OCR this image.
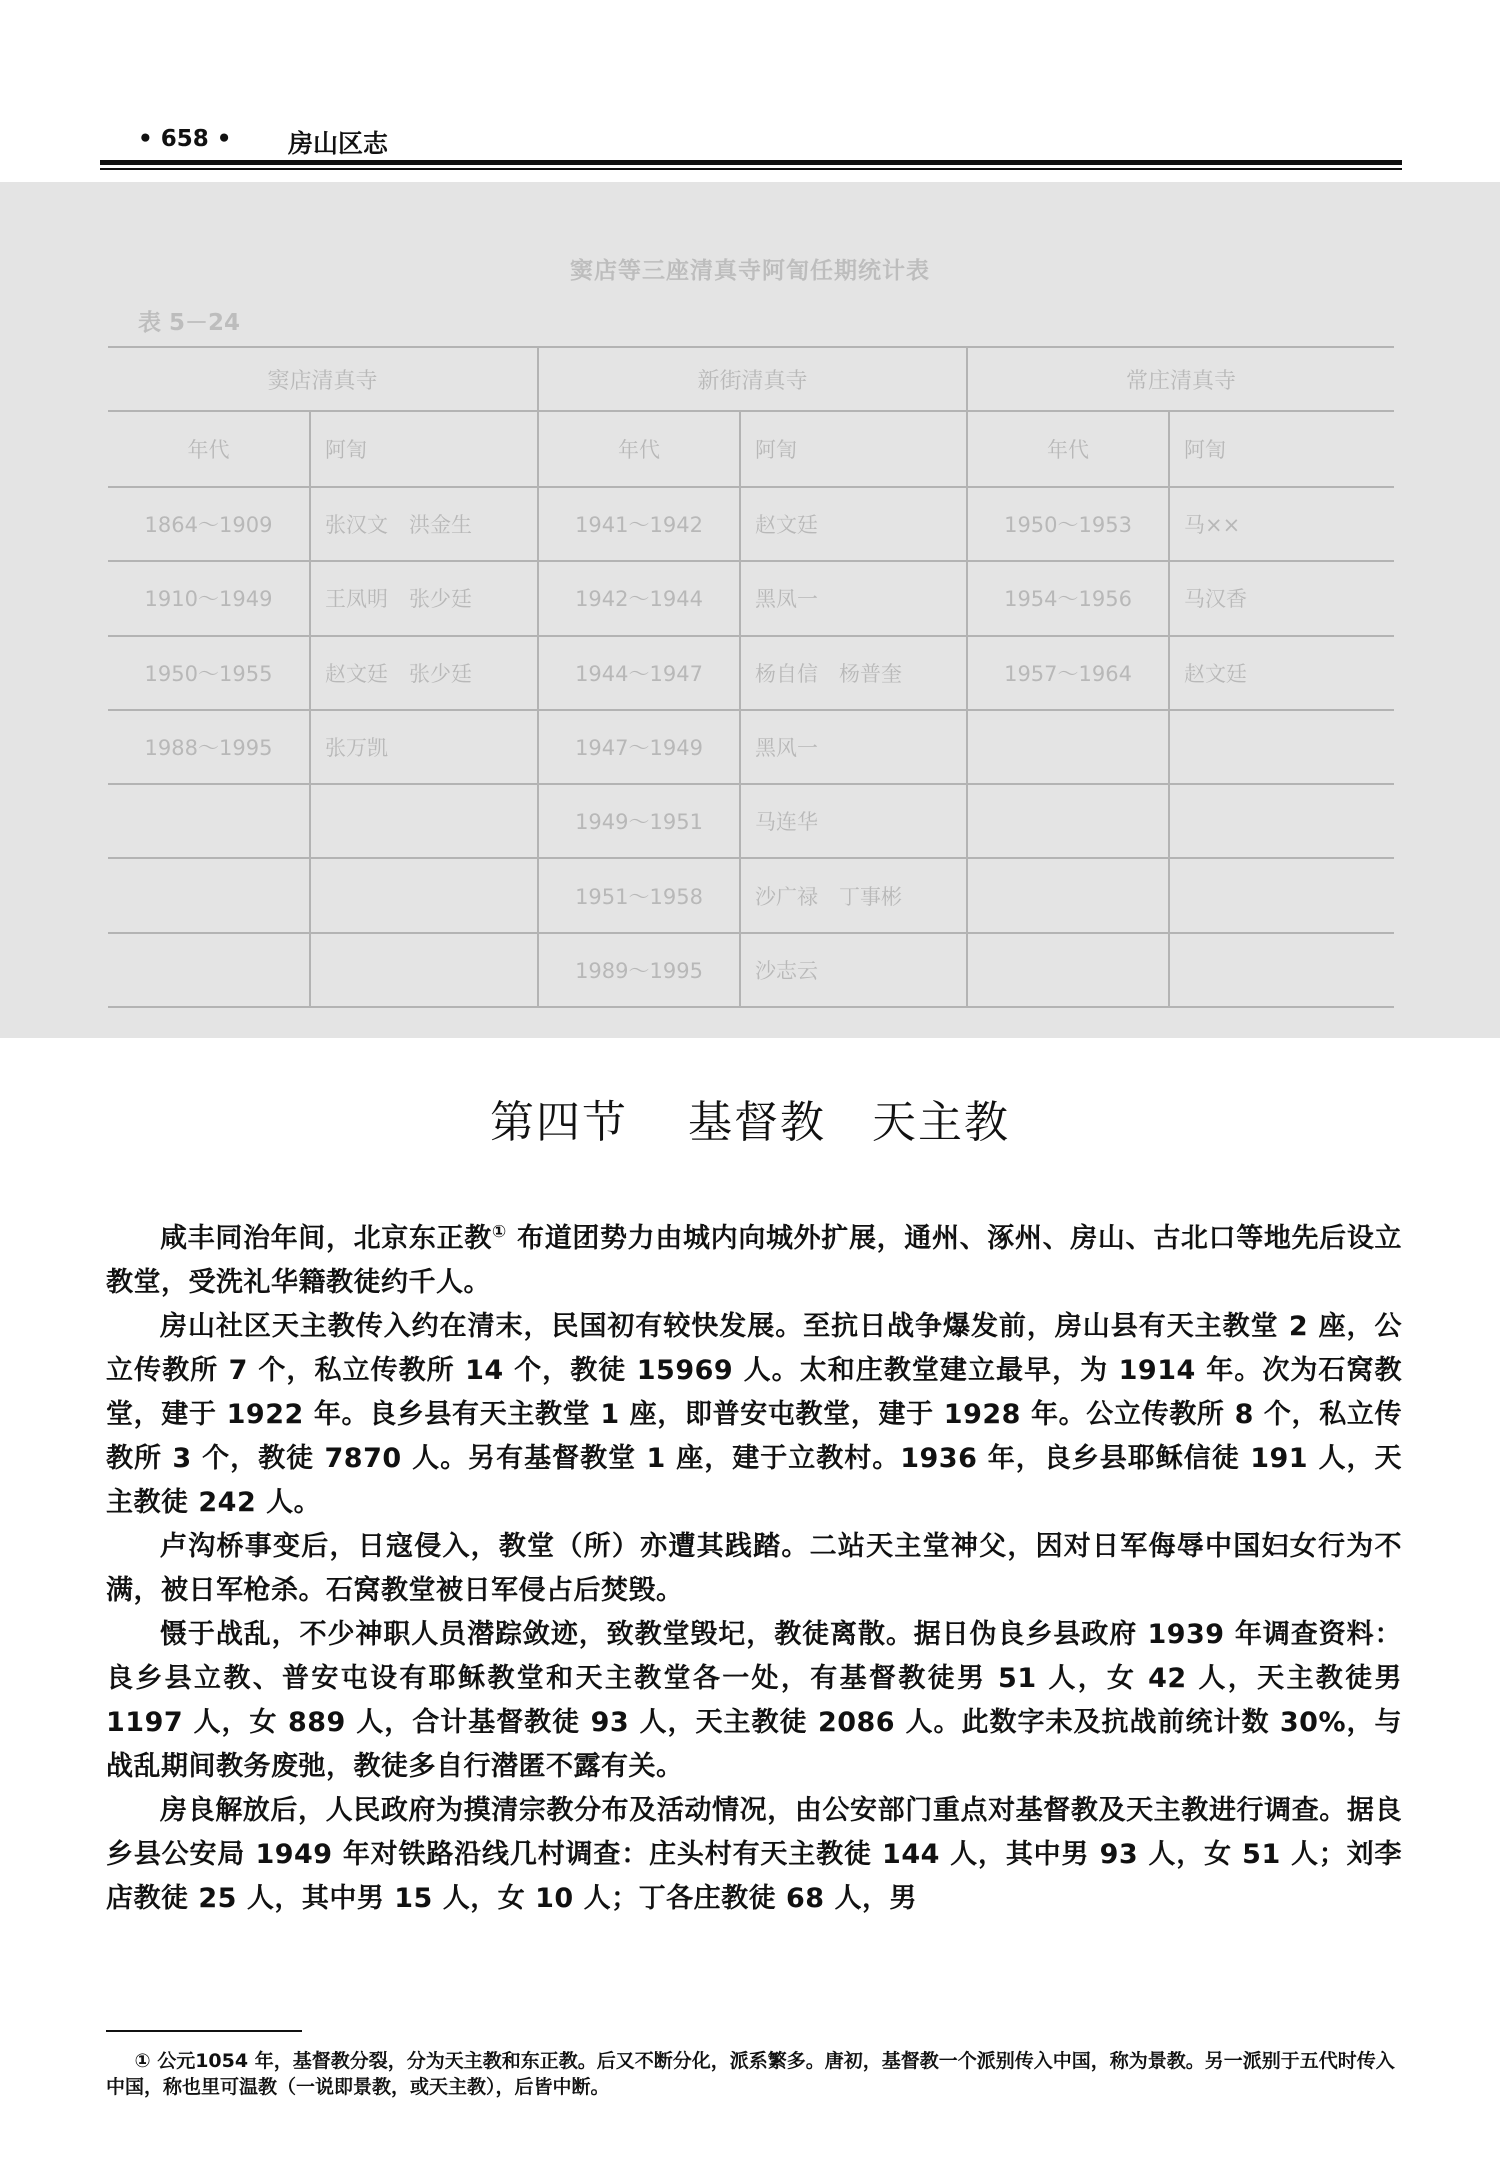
• 658 • 房山区志
窦店等三座清真寺阿訇任期统计表
表 5－24
窦店清真寺		新街清真寺		常庄清真寺	
年代	阿訇	年代	阿訇	年代	阿訇
1864～1909	张汉文　洪金生	1941～1942	赵文廷	1950～1953	马××
1910～1949	王凤明　张少廷	1942～1944	黑凤一	1954～1956	马汉香
1950～1955	赵文廷　张少廷	1944～1947	杨自信　杨普奎	1957～1964	赵文廷
1988～1995	张万凯	1947～1949	黑风一		
		1949～1951	马连华		
		1951～1958	沙广禄　丁事彬		
		1989～1995	沙志云		
第四节 基督教　天主教

咸丰同治年间，北京东正教① 布道团势力由城内向城外扩展，通州、涿州、房山、古北口等地先后设立教堂，受洗礼华籍教徒约千人。

房山社区天主教传入约在清末，民国初有较快发展。至抗日战争爆发前，房山县有天主教堂 2 座，公立传教所 7 个，私立传教所 14 个，教徒 15969 人。太和庄教堂建立最早，为 1914 年。次为石窝教堂，建于 1922 年。良乡县有天主教堂 1 座，即普安屯教堂，建于 1928 年。公立传教所 8 个，私立传教所 3 个，教徒 7870 人。另有基督教堂 1 座，建于立教村。1936 年，良乡县耶稣信徒 191 人，天主教徒 242 人。

卢沟桥事变后，日寇侵入，教堂（所）亦遭其践踏。二站天主堂神父，因对日军侮辱中国妇女行为不满，被日军枪杀。石窝教堂被日军侵占后焚毁。

慑于战乱，不少神职人员潜踪敛迹，致教堂毁圮，教徒离散。据日伪良乡县政府 1939 年调查资料：良乡县立教、普安屯设有耶稣教堂和天主教堂各一处，有基督教徒男 51 人，女 42 人，天主教徒男 1197 人，女 889 人，合计基督教徒 93 人，天主教徒 2086 人。此数字未及抗战前统计数 30%，与战乱期间教务废弛，教徒多自行潜匿不露有关。

房良解放后，人民政府为摸清宗教分布及活动情况，由公安部门重点对基督教及天主教进行调查。据良乡县公安局 1949 年对铁路沿线几村调查：庄头村有天主教徒 144 人，其中男 93 人，女 51 人；刘李店教徒 25 人，其中男 15 人，女 10 人；丁各庄教徒 68 人，男

① 公元1054 年，基督教分裂，分为天主教和东正教。后又不断分化，派系繁多。唐初，基督教一个派别传入中国，称为景教。另一派别于五代时传入中国，称也里可温教（一说即景教，或天主教），后皆中断。
